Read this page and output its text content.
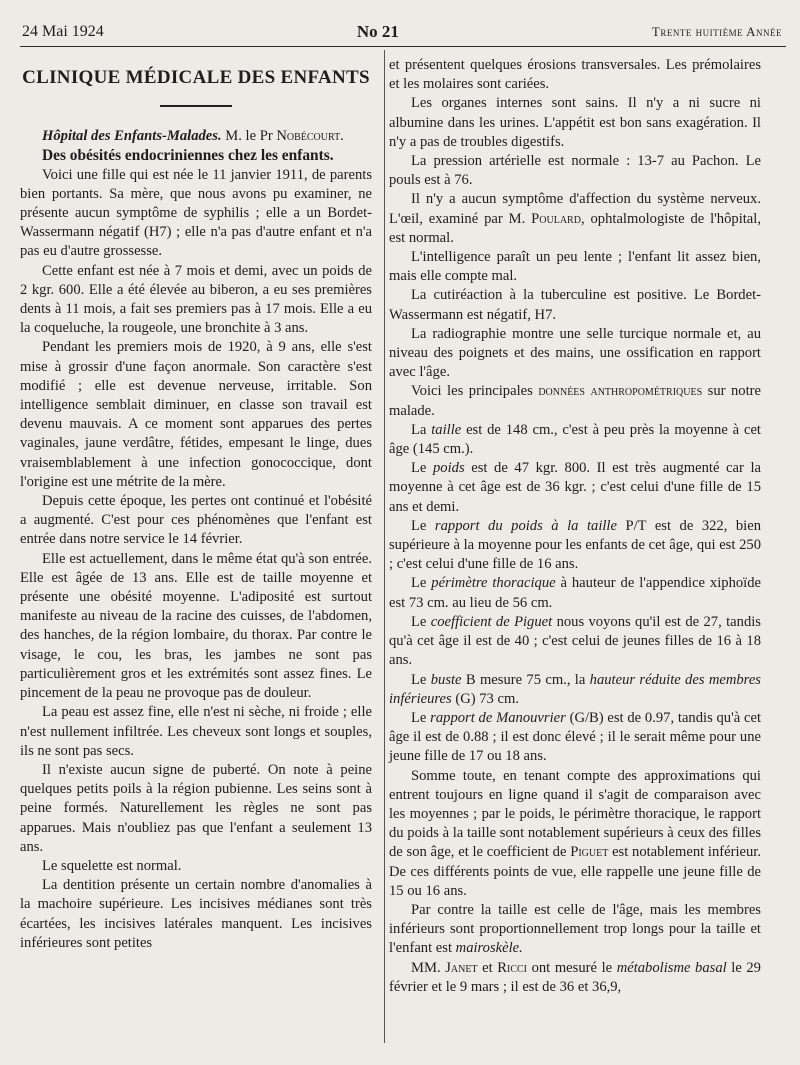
24 Mai 1924	No 21	Trente huitième Année
CLINIQUE MÉDICALE DES ENFANTS

Hôpital des Enfants-Malades. M. le Pr Nobécourt.

Des obésités endocriniennes chez les enfants.

Voici une fille qui est née le 11 janvier 1911, de parents bien portants. Sa mère, que nous avons pu examiner, ne présente aucun symptôme de syphilis ; elle a un Bordet-Wassermann négatif (H7) ; elle n'a pas d'autre enfant et n'a pas eu d'autre grossesse.

Cette enfant est née à 7 mois et demi, avec un poids de 2 kgr. 600. Elle a été élevée au biberon, a eu ses premières dents à 11 mois, a fait ses premiers pas à 17 mois. Elle a eu la coqueluche, la rougeole, une bronchite à 3 ans.

Pendant les premiers mois de 1920, à 9 ans, elle s'est mise à grossir d'une façon anormale. Son caractère s'est modifié ; elle est devenue nerveuse, irritable. Son intelligence semblait diminuer, en classe son travail est devenu mauvais. A ce moment sont apparues des pertes vaginales, jaune verdâtre, fétides, empesant le linge, dues vraisemblablement à une infection gonococcique, dont l'origine est une métrite de la mère.

Depuis cette époque, les pertes ont continué et l'obésité a augmenté. C'est pour ces phénomènes que l'enfant est entrée dans notre service le 14 février.

Elle est actuellement, dans le même état qu'à son entrée. Elle est âgée de 13 ans. Elle est de taille moyenne et présente une obésité moyenne. L'adiposité est surtout manifeste au niveau de la racine des cuisses, de l'abdomen, des hanches, de la région lombaire, du thorax. Par contre le visage, le cou, les bras, les jambes ne sont pas particulièrement gros et les extrémités sont assez fines. Le pincement de la peau ne provoque pas de douleur.

La peau est assez fine, elle n'est ni sèche, ni froide ; elle n'est nullement infiltrée. Les cheveux sont longs et souples, ils ne sont pas secs.

Il n'existe aucun signe de puberté. On note à peine quelques petits poils à la région pubienne. Les seins sont à peine formés. Naturellement les règles ne sont pas apparues. Mais n'oubliez pas que l'enfant a seulement 13 ans.

Le squelette est normal.

La dentition présente un certain nombre d'anomalies à la machoire supérieure. Les incisives médianes sont très écartées, les incisives latérales manquent. Les incisives inférieures sont petites

et présentent quelques érosions transversales. Les prémolaires et les molaires sont cariées.

Les organes internes sont sains. Il n'y a ni sucre ni albumine dans les urines. L'appétit est bon sans exagération. Il n'y a pas de troubles digestifs.

La pression artérielle est normale : 13-7 au Pachon. Le pouls est à 76.

Il n'y a aucun symptôme d'affection du système nerveux. L'œil, examiné par M. Poulard, ophtalmologiste de l'hôpital, est normal.

L'intelligence paraît un peu lente ; l'enfant lit assez bien, mais elle compte mal.

La cutiréaction à la tuberculine est positive. Le Bordet-Wassermann est négatif, H7.

La radiographie montre une selle turcique normale et, au niveau des poignets et des mains, une ossification en rapport avec l'âge.

Voici les principales données anthropométriques sur notre malade.

La taille est de 148 cm., c'est à peu près la moyenne à cet âge (145 cm.).

Le poids est de 47 kgr. 800. Il est très augmenté car la moyenne à cet âge est de 36 kgr. ; c'est celui d'une fille de 15 ans et demi.

Le rapport du poids à la taille P/T est de 322, bien supérieure à la moyenne pour les enfants de cet âge, qui est 250 ; c'est celui d'une fille de 16 ans.

Le périmètre thoracique à hauteur de l'appendice xiphoïde est 73 cm. au lieu de 56 cm.

Le coefficient de Piguet nous voyons qu'il est de 27, tandis qu'à cet âge il est de 40 ; c'est celui de jeunes filles de 16 à 18 ans.

Le buste B mesure 75 cm., la hauteur réduite des membres inférieures (G) 73 cm.

Le rapport de Manouvrier (G/B) est de 0.97, tandis qu'à cet âge il est de 0.88 ; il est donc élevé ; il le serait même pour une jeune fille de 17 ou 18 ans.

Somme toute, en tenant compte des approximations qui entrent toujours en ligne quand il s'agit de comparaison avec les moyennes ; par le poids, le périmètre thoracique, le rapport du poids à la taille sont notablement supérieurs à ceux des filles de son âge, et le coefficient de Piguet est notablement inférieur. De ces différents points de vue, elle rappelle une jeune fille de 15 ou 16 ans.

Par contre la taille est celle de l'âge, mais les membres inférieurs sont proportionnellement trop longs pour la taille et l'enfant est mairoskèle.

MM. Janet et Ricci ont mesuré le métabolisme basal le 29 février et le 9 mars ; il est de 36 et 36,9,
